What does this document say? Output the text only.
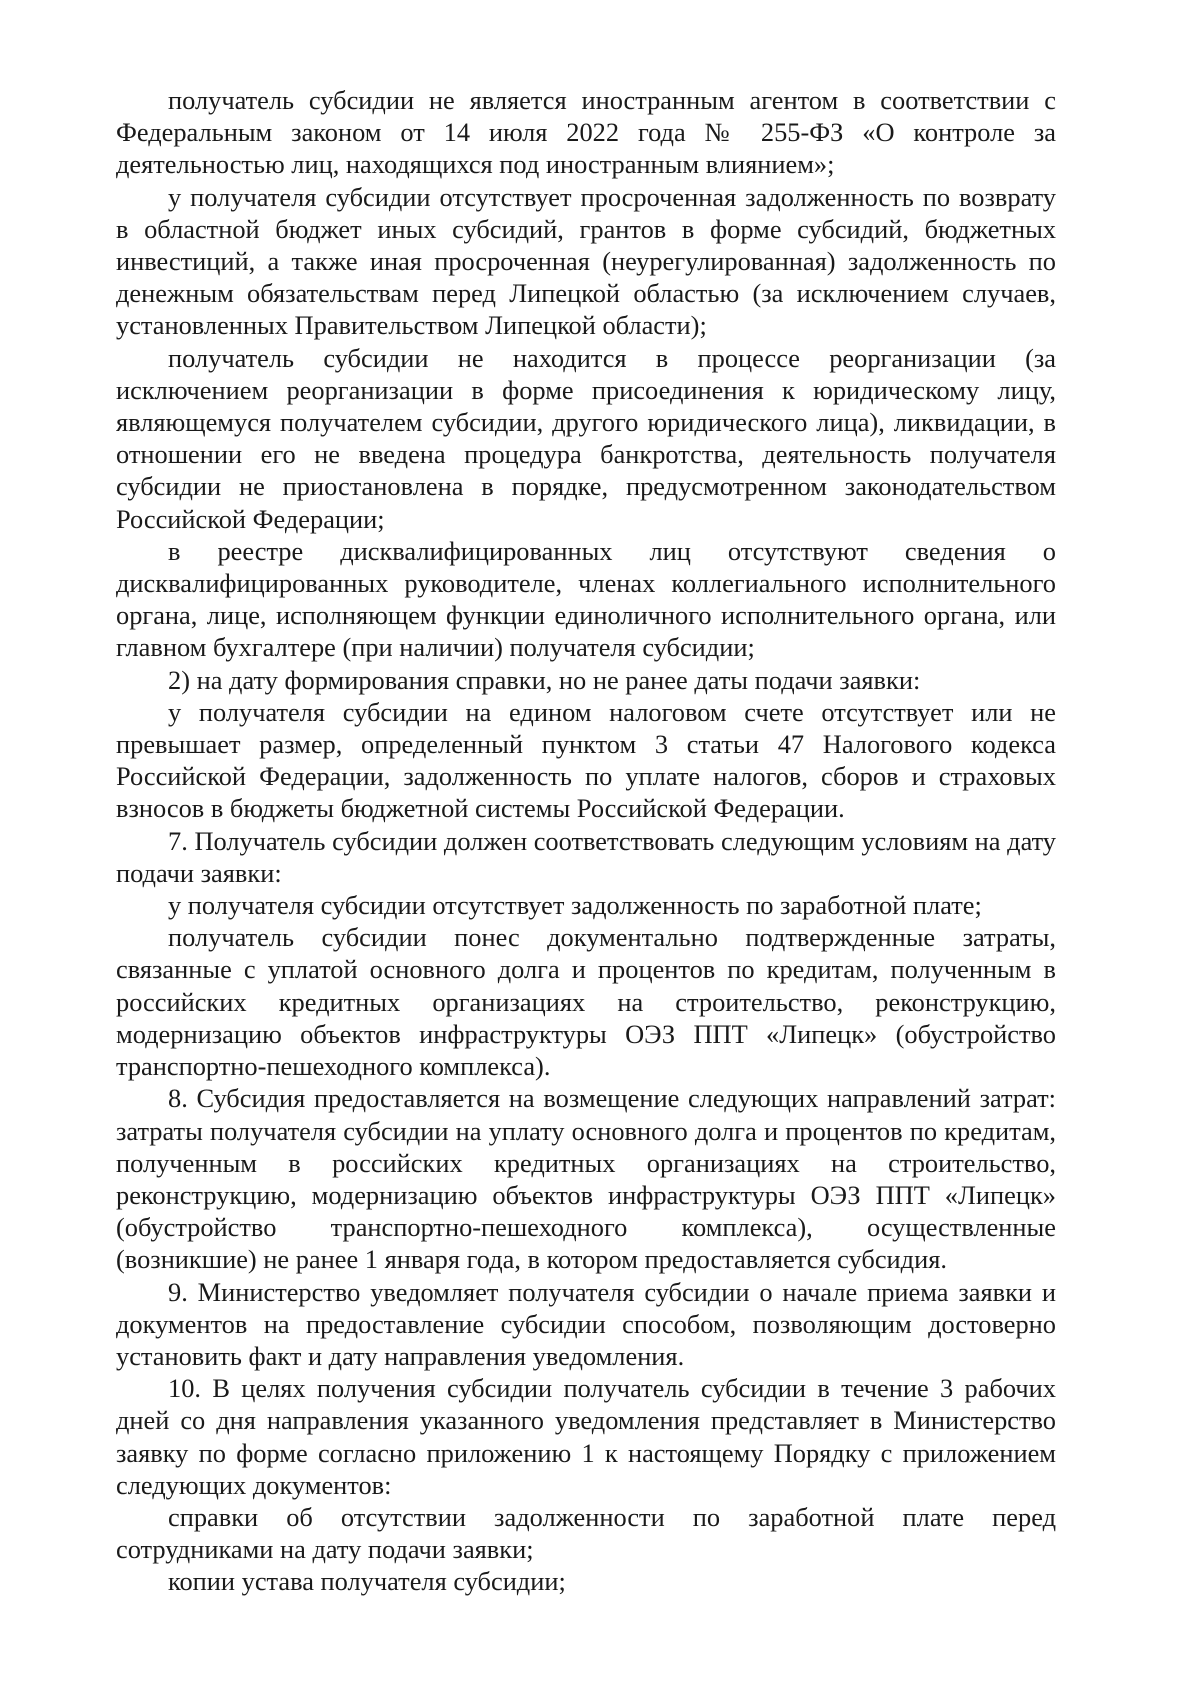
получатель субсидии не является иностранным агентом в соответствии с Федеральным законом от 14 июля 2022 года № 255-ФЗ «О контроле за деятельностью лиц, находящихся под иностранным влиянием»;

у получателя субсидии отсутствует просроченная задолженность по возврату в областной бюджет иных субсидий, грантов в форме субсидий, бюджетных инвестиций, а также иная просроченная (неурегулированная) задолженность по денежным обязательствам перед Липецкой областью (за исключением случаев, установленных Правительством Липецкой области);

получатель субсидии не находится в процессе реорганизации (за исключением реорганизации в форме присоединения к юридическому лицу, являющемуся получателем субсидии, другого юридического лица), ликвидации, в отношении его не введена процедура банкротства, деятельность получателя субсидии не приостановлена в порядке, предусмотренном законодательством Российской Федерации;

в реестре дисквалифицированных лиц отсутствуют сведения о дисквалифицированных руководителе, членах коллегиального исполнительного органа, лице, исполняющем функции единоличного исполнительного органа, или главном бухгалтере (при наличии) получателя субсидии;

2) на дату формирования справки, но не ранее даты подачи заявки:

у получателя субсидии на едином налоговом счете отсутствует или не превышает размер, определенный пунктом 3 статьи 47 Налогового кодекса Российской Федерации, задолженность по уплате налогов, сборов и страховых взносов в бюджеты бюджетной системы Российской Федерации.

7. Получатель субсидии должен соответствовать следующим условиям на дату подачи заявки:

у получателя субсидии отсутствует задолженность по заработной плате;

получатель субсидии понес документально подтвержденные затраты, связанные с уплатой основного долга и процентов по кредитам, полученным в российских кредитных организациях на строительство, реконструкцию, модернизацию объектов инфраструктуры ОЭЗ ППТ «Липецк» (обустройство транспортно-пешеходного комплекса).

8. Субсидия предоставляется на возмещение следующих направлений затрат: затраты получателя субсидии на уплату основного долга и процентов по кредитам, полученным в российских кредитных организациях на строительство, реконструкцию, модернизацию объектов инфраструктуры ОЭЗ ППТ «Липецк» (обустройство транспортно-пешеходного комплекса), осуществленные (возникшие) не ранее 1 января года, в котором предоставляется субсидия.

9. Министерство уведомляет получателя субсидии о начале приема заявки и документов на предоставление субсидии способом, позволяющим достоверно установить факт и дату направления уведомления.

10. В целях получения субсидии получатель субсидии в течение 3 рабочих дней со дня направления указанного уведомления представляет в Министерство заявку по форме согласно приложению 1 к настоящему Порядку с приложением следующих документов:

справки об отсутствии задолженности по заработной плате перед сотрудниками на дату подачи заявки;

копии устава получателя субсидии;
